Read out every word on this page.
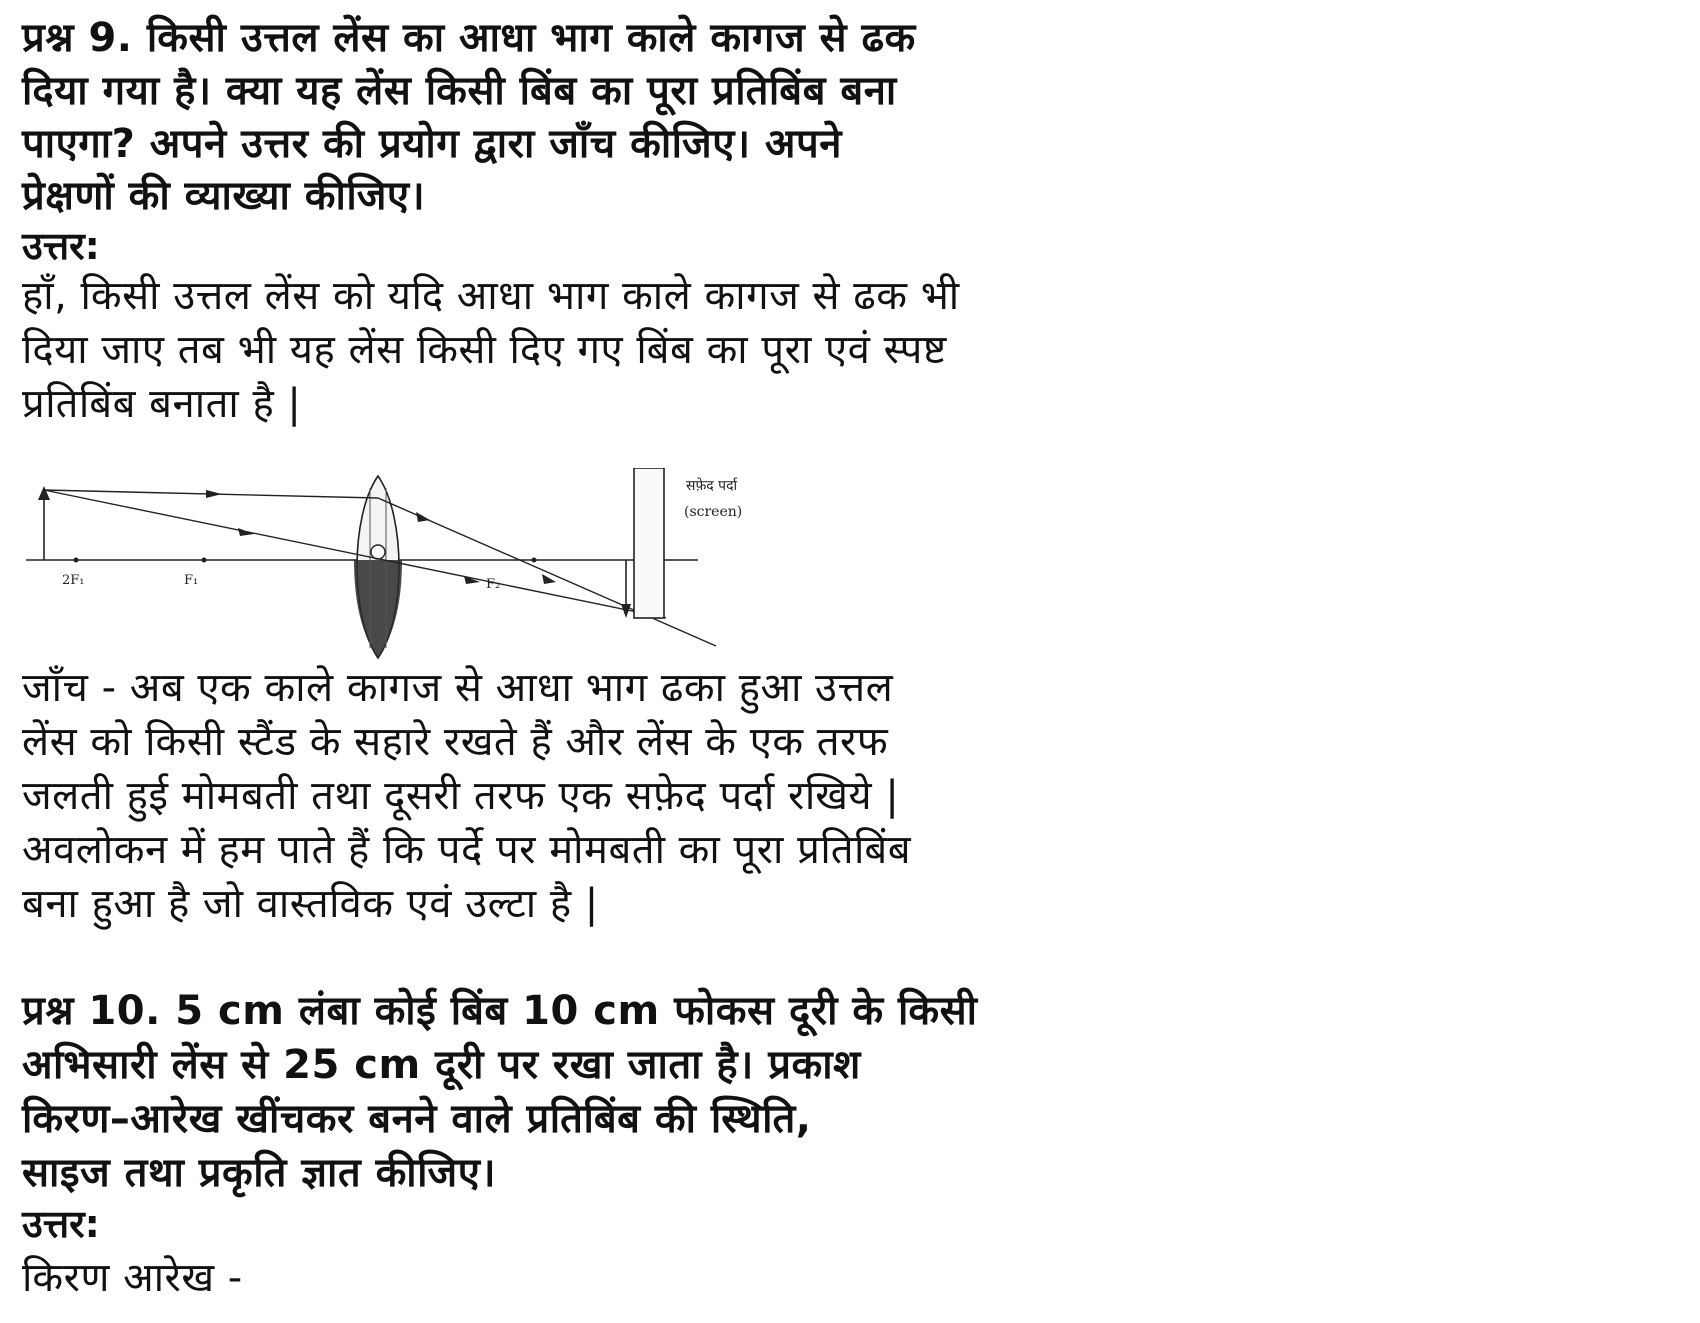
प्रश्न 9. किसी उत्तल लेंस का आधा भाग काले कागज से ढक
दिया गया है। क्या यह लेंस किसी बिंब का पूरा प्रतिबिंब बना
पाएगा? अपने उत्तर की प्रयोग द्वारा जाँच कीजिए। अपने
प्रेक्षणों की व्याख्या कीजिए।
उत्तर:
हाँ, किसी उत्तल लेंस को यदि आधा भाग काले कागज से ढक भी
दिया जाए तब भी यह लेंस किसी दिए गए बिंब का पूरा एवं स्पष्ट
प्रतिबिंब बनाता है |
2F₁	F₁	F₂
सफ़ेद पर्दा
(screen)
जाँच - अब एक काले कागज से आधा भाग ढका हुआ उत्तल
लेंस को किसी स्टैंड के सहारे रखते हैं और लेंस के एक तरफ
जलती हुई मोमबती तथा दूसरी तरफ एक सफ़ेद पर्दा रखिये |
अवलोकन में हम पाते हैं कि पर्दे पर मोमबती का पूरा प्रतिबिंब
बना हुआ है जो वास्तविक एवं उल्टा है |
प्रश्न 10. 5 cm लंबा कोई बिंब 10 cm फोकस दूरी के किसी
अभिसारी लेंस से 25 cm दूरी पर रखा जाता है। प्रकाश
किरण–आरेख खींचकर बनने वाले प्रतिबिंब की स्थिति,
साइज तथा प्रकृति ज्ञात कीजिए।
उत्तर:
किरण आरेख -
